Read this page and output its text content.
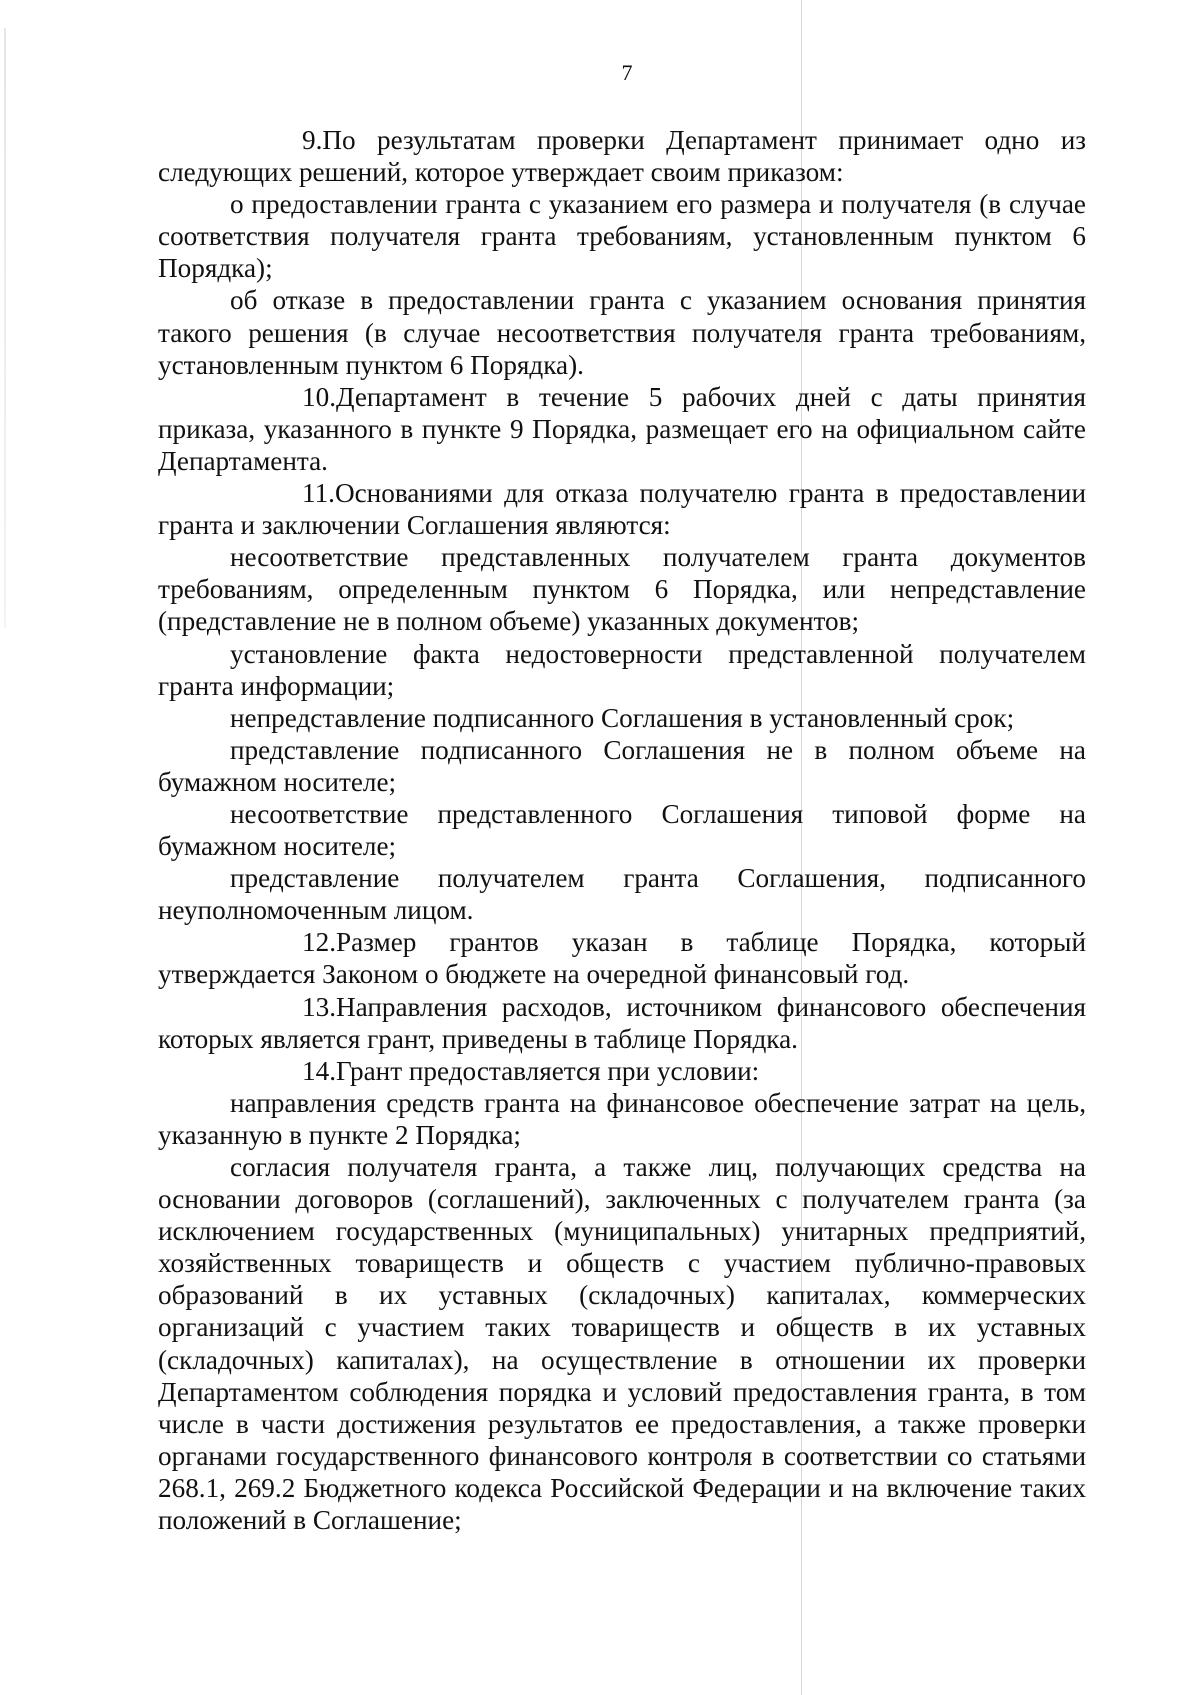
7

9.По результатам проверки Департамент принимает одно из следующих решений, которое утверждает своим приказом:

о предоставлении гранта с указанием его размера и получателя (в случае соответствия получателя гранта требованиям, установленным пунктом 6 Порядка);

об отказе в предоставлении гранта с указанием основания принятия такого решения (в случае несоответствия получателя гранта требованиям, установленным пунктом 6 Порядка).

10.Департамент в течение 5 рабочих дней с даты принятия приказа, указанного в пункте 9 Порядка, размещает его на официальном сайте Департамента.

11.Основаниями для отказа получателю гранта в предоставлении гранта и заключении Соглашения являются:

несоответствие представленных получателем гранта документов требованиям, определенным пунктом 6 Порядка, или непредставление (представление не в полном объеме) указанных документов;

установление факта недостоверности представленной получателем гранта информации;

непредставление подписанного Соглашения в установленный срок;

представление подписанного Соглашения не в полном объеме на бумажном носителе;

несоответствие представленного Соглашения типовой форме на бумажном носителе;

представление получателем гранта Соглашения, подписанного неуполномоченным лицом.

12.Размер грантов указан в таблице Порядка, который утверждается Законом о бюджете на очередной финансовый год.

13.Направления расходов, источником финансового обеспечения которых является грант, приведены в таблице Порядка.

14.Грант предоставляется при условии:

направления средств гранта на финансовое обеспечение затрат на цель, указанную в пункте 2 Порядка;

согласия получателя гранта, а также лиц, получающих средства на основании договоров (соглашений), заключенных с получателем гранта (за исключением государственных (муниципальных) унитарных предприятий, хозяйственных товариществ и обществ с участием публично-правовых образований в их уставных (складочных) капиталах, коммерческих организаций с участием таких товариществ и обществ в их уставных (складочных) капиталах), на осуществление в отношении их проверки Департаментом соблюдения порядка и условий предоставления гранта, в том числе в части достижения результатов ее предоставления, а также проверки органами государственного финансового контроля в соответствии со статьями 268.1, 269.2 Бюджетного кодекса Российской Федерации и на включение таких положений в Соглашение;
